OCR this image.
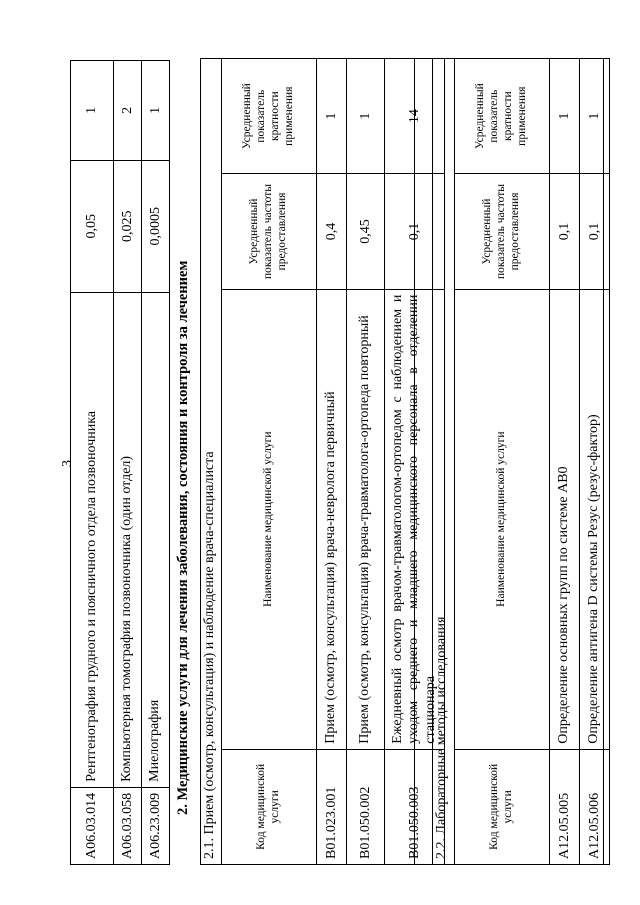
3
A06.03.014	Рентгенография грудного и поясничного отдела позвоночника	0,05	1
A06.03.058	Компьютерная томография позвоночника (один отдел)	0,025	2
A06.23.009	Миелография	0,0005	1
2. Медицинские услуги для лечения заболевания, состояния и контроля за лечением 2.1. Прием (осмотр, консультация) и наблюдение врача-специалиста	Код медицинской услуги	Наименование медицинской услуги	Усредненный показатель частоты предоставления	Усредненный показатель кратности применения
B01.023.001	Прием (осмотр, консультация) врача-невролога первичный	0,4	1
B01.050.002	Прием (осмотр, консультация) врача-травматолога-ортопеда повторный	0,45	1
B01.050.003	Ежедневный осмотр врачом-травматологом-ортопедом с наблюдением и уходом среднего и младшего медицинского персонала в отделении стационара	0,1	14
2.2. Лабораторные методы исследования	Код медицинской услуги	Наименование медицинской услуги	Усредненный показатель частоты предоставления	Усредненный показатель кратности применения
A12.05.005	Определение основных групп по системе AB0	0,1	1
A12.05.006	Определение антигена D системы Резус (резус-фактор)	0,1	1
